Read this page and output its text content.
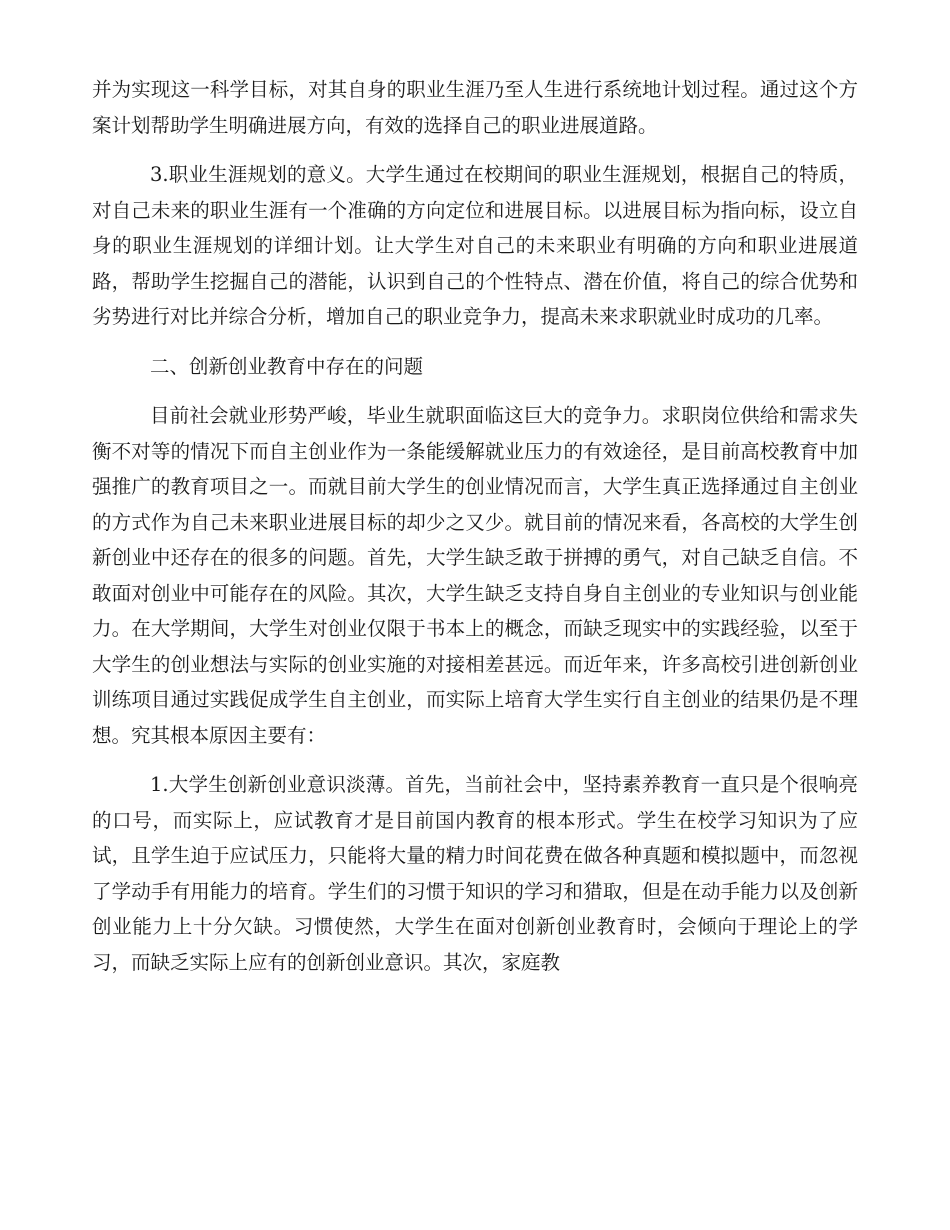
并为实现这一科学目标，对其自身的职业生涯乃至人生进行系统地计划过程。通过这个方案计划帮助学生明确进展方向，有效的选择自己的职业进展道路。

3.职业生涯规划的意义。大学生通过在校期间的职业生涯规划，根据自己的特质，对自己未来的职业生涯有一个准确的方向定位和进展目标。以进展目标为指向标，设立自身的职业生涯规划的详细计划。让大学生对自己的未来职业有明确的方向和职业进展道路，帮助学生挖掘自己的潜能，认识到自己的个性特点、潜在价值，将自己的综合优势和劣势进行对比并综合分析，增加自己的职业竞争力，提高未来求职就业时成功的几率。

二、创新创业教育中存在的问题

目前社会就业形势严峻，毕业生就职面临这巨大的竞争力。求职岗位供给和需求失衡不对等的情况下而自主创业作为一条能缓解就业压力的有效途径，是目前高校教育中加强推广的教育项目之一。而就目前大学生的创业情况而言，大学生真正选择通过自主创业的方式作为自己未来职业进展目标的却少之又少。就目前的情况来看，各高校的大学生创新创业中还存在的很多的问题。首先，大学生缺乏敢于拼搏的勇气，对自己缺乏自信。不敢面对创业中可能存在的风险。其次，大学生缺乏支持自身自主创业的专业知识与创业能力。在大学期间，大学生对创业仅限于书本上的概念，而缺乏现实中的实践经验，以至于大学生的创业想法与实际的创业实施的对接相差甚远。而近年来，许多高校引进创新创业训练项目通过实践促成学生自主创业，而实际上培育大学生实行自主创业的结果仍是不理想。究其根本原因主要有：

1.大学生创新创业意识淡薄。首先，当前社会中，坚持素养教育一直只是个很响亮的口号，而实际上，应试教育才是目前国内教育的根本形式。学生在校学习知识为了应试，且学生迫于应试压力，只能将大量的精力时间花费在做各种真题和模拟题中，而忽视了学动手有用能力的培育。学生们的习惯于知识的学习和猎取，但是在动手能力以及创新创业能力上十分欠缺。习惯使然，大学生在面对创新创业教育时，会倾向于理论上的学习，而缺乏实际上应有的创新创业意识。其次，家庭教
